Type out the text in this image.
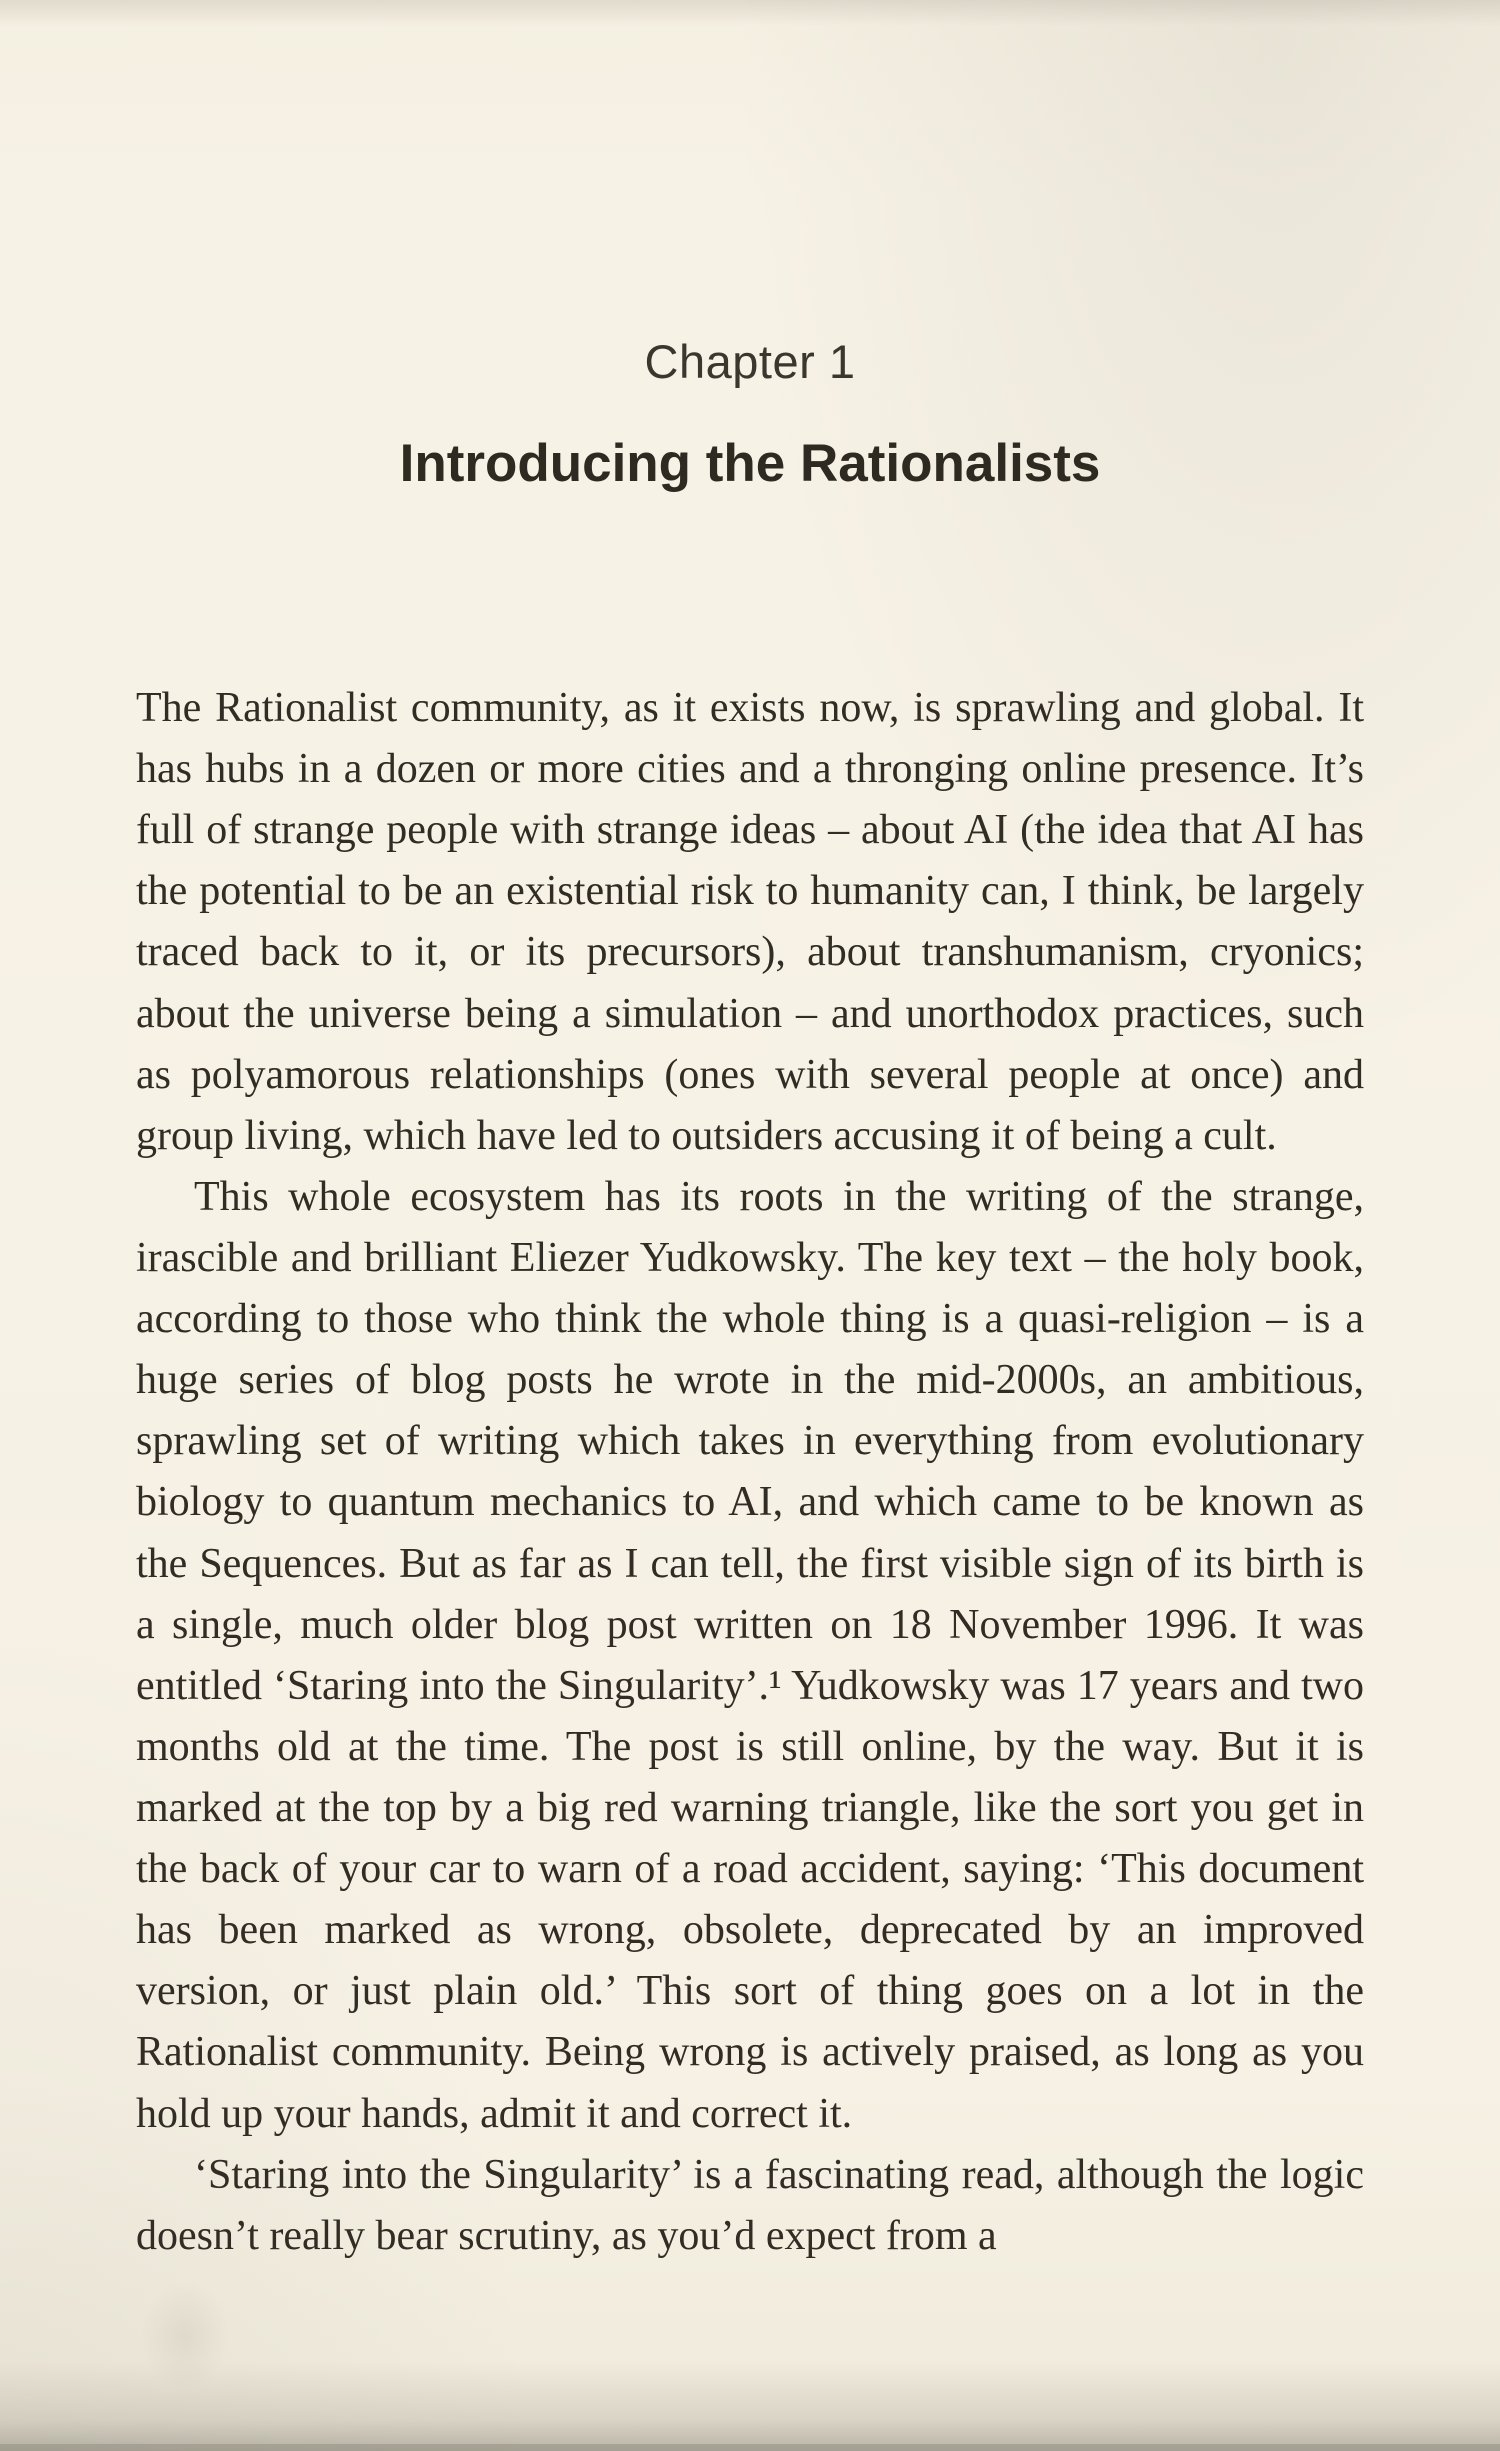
Chapter 1
Introducing the Rationalists

The Rationalist community, as it exists now, is sprawling and global. It has hubs in a dozen or more cities and a thronging online presence. It’s full of strange people with strange ideas – about AI (the idea that AI has the potential to be an existential risk to humanity can, I think, be largely traced back to it, or its precursors), about transhumanism, cryonics; about the universe being a simulation – and unorthodox practices, such as polyamorous relationships (ones with several people at once) and group living, which have led to outsiders accusing it of being a cult.

This whole ecosystem has its roots in the writing of the strange, irascible and brilliant Eliezer Yudkowsky. The key text – the holy book, according to those who think the whole thing is a quasi-religion – is a huge series of blog posts he wrote in the mid-2000s, an ambitious, sprawling set of writing which takes in everything from evolutionary biology to quantum mechanics to AI, and which came to be known as the Sequences. But as far as I can tell, the first visible sign of its birth is a single, much older blog post written on 18 November 1996. It was entitled ‘Staring into the Singularity’.¹ Yudkowsky was 17 years and two months old at the time. The post is still online, by the way. But it is marked at the top by a big red warning triangle, like the sort you get in the back of your car to warn of a road accident, saying: ‘This document has been marked as wrong, obsolete, deprecated by an improved version, or just plain old.’ This sort of thing goes on a lot in the Rationalist community. Being wrong is actively praised, as long as you hold up your hands, admit it and correct it.

‘Staring into the Singularity’ is a fascinating read, although the logic doesn’t really bear scrutiny, as you’d expect from a
